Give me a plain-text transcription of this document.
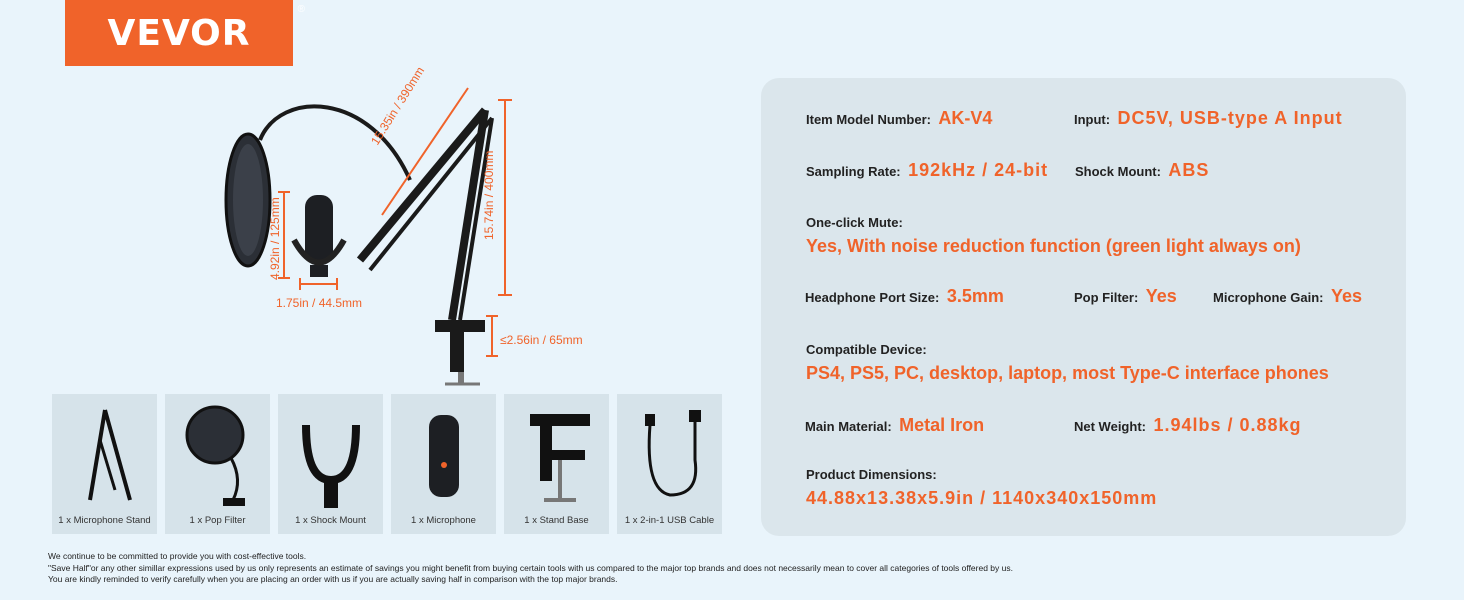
VEVOR
®
15.35in / 390mm
15.74in / 400mm
4.92in / 125mm
1.75in / 44.5mm
≤2.56in / 65mm
1 x Microphone Stand	1 x Pop Filter	1 x Shock Mount	1 x Microphone	1 x Stand Base	1 x 2-in-1 USB Cable
Item Model Number: AK-V4	Input: DC5V, USB-type A Input
Sampling Rate: 192kHz / 24-bit Shock Mount: ABS
One-click Mute:
Yes, With noise reduction function (green light always on)
Headphone Port Size: 3.5mm	Pop Filter: Yes	Microphone Gain: Yes
Compatible Device:
PS4, PS5, PC, desktop, laptop, most Type-C interface phones
Main Material: Metal Iron	Net Weight: 1.94lbs / 0.88kg
Product Dimensions:
44.88x13.38x5.9in / 1140x340x150mm
We continue to be committed to provide you with cost-effective tools.
"Save Half"or any other simillar expressions used by us only represents an estimate of savings you might benefit from buying certain tools with us compared to the major top brands and does not necessarily mean to cover all categories of tools offered by us.
You are kindly reminded to verify carefully when you are placing an order with us if you are actually saving half in comparison with the top major brands.
